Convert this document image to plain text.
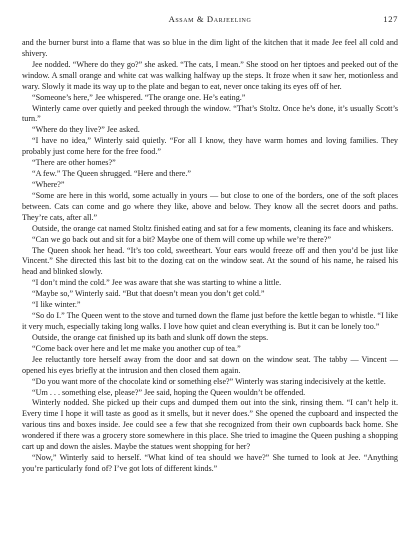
Assam & Darjeeling	127

and the burner burst into a flame that was so blue in the dim light of the kitchen that it made Jee feel all cold and shivery.

Jee nodded. “Where do they go?” she asked. “The cats, I mean.” She stood on her tiptoes and peeked out of the window. A small orange and white cat was walking halfway up the steps. It froze when it saw her, motionless and wary. Slowly it made its way up to the plate and began to eat, never once taking its eyes off of her.

“Someone’s here,” Jee whispered. “The orange one. He’s eating.”

Winterly came over quietly and peeked through the window. “That’s Stoltz. Once he’s done, it’s usually Scott’s turn.”

“Where do they live?” Jee asked.

“I have no idea,” Winterly said quietly. “For all I know, they have warm homes and loving families. They probably just come here for the free food.”

“There are other homes?”

“A few.” The Queen shrugged. “Here and there.”

“Where?”

“Some are here in this world, some actually in yours — but close to one of the borders, one of the soft places between. Cats can come and go where they like, above and below. They know all the secret doors and paths. They’re cats, after all.”

Outside, the orange cat named Stoltz finished eating and sat for a few moments, cleaning its face and whiskers.

“Can we go back out and sit for a bit? Maybe one of them will come up while we’re there?”

The Queen shook her head. “It’s too cold, sweetheart. Your ears would freeze off and then you’d be just like Vincent.” She directed this last bit to the dozing cat on the window seat. At the sound of his name, he raised his head and blinked slowly.

“I don’t mind the cold.” Jee was aware that she was starting to whine a little.

“Maybe so,” Winterly said. “But that doesn’t mean you don’t get cold.”

“I like winter.”

“So do I.” The Queen went to the stove and turned down the flame just before the kettle began to whistle. “I like it very much, especially taking long walks. I love how quiet and clean everything is. But it can be lonely too.”

Outside, the orange cat finished up its bath and slunk off down the steps.

“Come back over here and let me make you another cup of tea.”

Jee reluctantly tore herself away from the door and sat down on the window seat. The tabby — Vincent — opened his eyes briefly at the intrusion and then closed them again.

“Do you want more of the chocolate kind or something else?” Winterly was staring indecisively at the kettle.

“Um . . . something else, please?” Jee said, hoping the Queen wouldn’t be offended.

Winterly nodded. She picked up their cups and dumped them out into the sink, rinsing them. “I can’t help it. Every time I hope it will taste as good as it smells, but it never does.” She opened the cupboard and inspected the various tins and boxes inside. Jee could see a few that she recognized from their own cupboards back home. She wondered if there was a grocery store somewhere in this place. She tried to imagine the Queen pushing a shopping cart up and down the aisles. Maybe the statues went shopping for her?

“Now,” Winterly said to herself. “What kind of tea should we have?” She turned to look at Jee. “Anything you’re particularly fond of? I’ve got lots of different kinds.”
